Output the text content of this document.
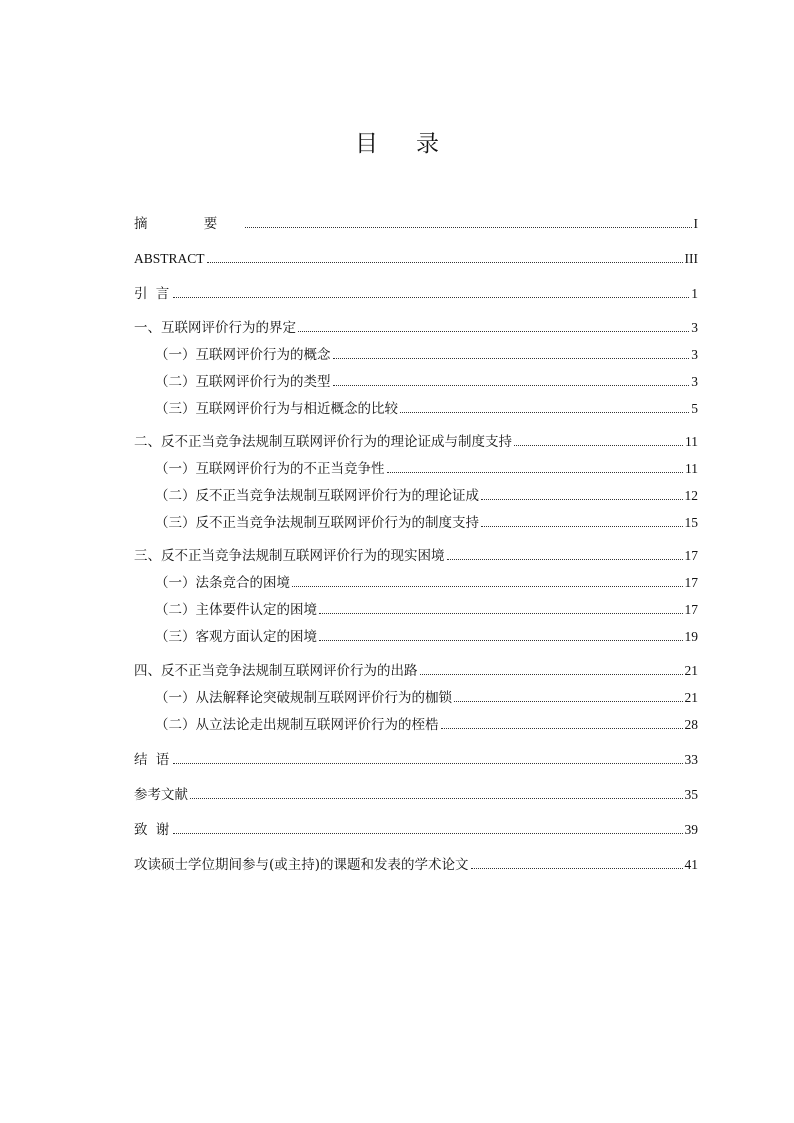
目录
摘 要	I
ABSTRACT	III
引 言	1
一、互联网评价行为的界定	3
（一）互联网评价行为的概念	3
（二）互联网评价行为的类型	3
（三）互联网评价行为与相近概念的比较	5
二、反不正当竞争法规制互联网评价行为的理论证成与制度支持	11
（一）互联网评价行为的不正当竞争性	11
（二）反不正当竞争法规制互联网评价行为的理论证成	12
（三）反不正当竞争法规制互联网评价行为的制度支持	15
三、反不正当竞争法规制互联网评价行为的现实困境	17
（一）法条竞合的困境	17
（二）主体要件认定的困境	17
（三）客观方面认定的困境	19
四、反不正当竞争法规制互联网评价行为的出路	21
（一）从法解释论突破规制互联网评价行为的枷锁	21
（二）从立法论走出规制互联网评价行为的桎梏	28
结 语	33
参考文献	35
致 谢	39
攻读硕士学位期间参与(或主持)的课题和发表的学术论文	41
